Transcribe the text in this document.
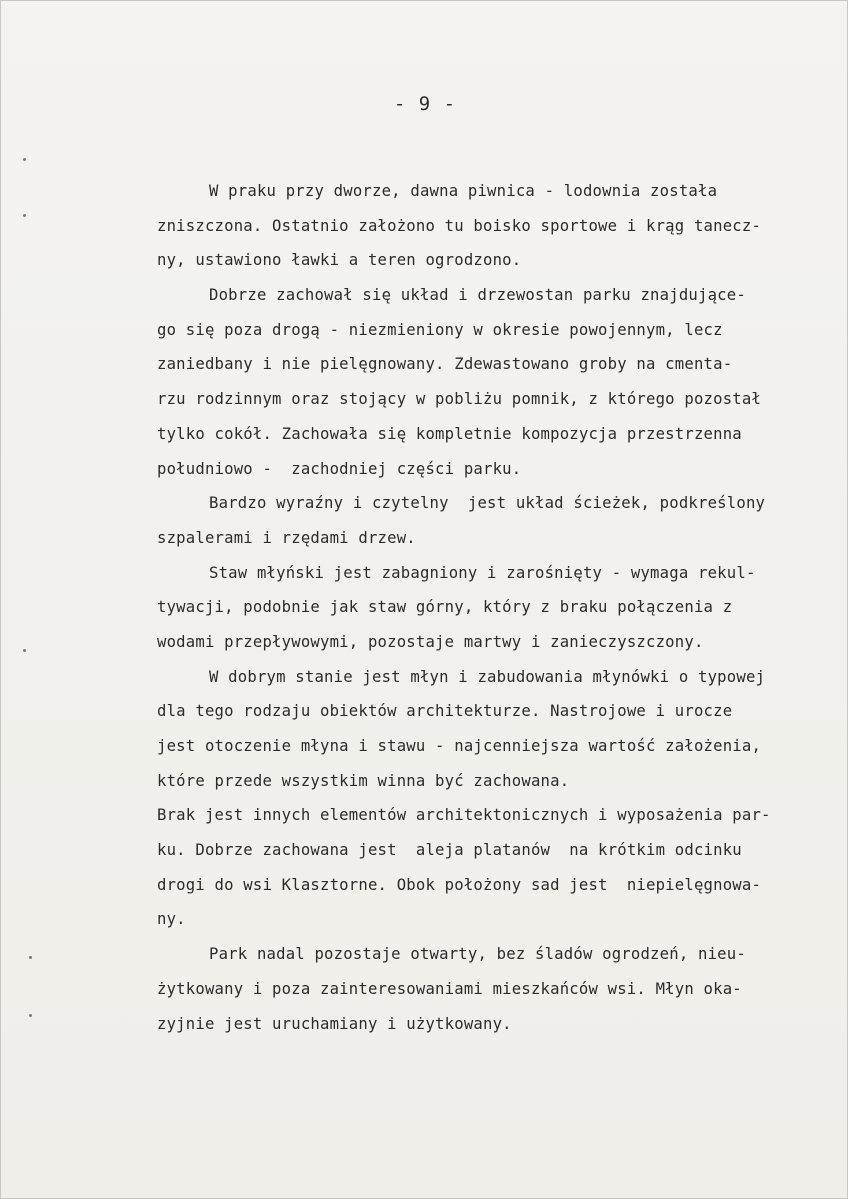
- 9 -
W praku przy dworze, dawna piwnica - lodownia została
zniszczona. Ostatnio założono tu boisko sportowe i krąg tanecz-
ny, ustawiono ławki a teren ogrodzono.
Dobrze zachował się układ i drzewostan parku znajdujące-
go się poza drogą - niezmieniony w okresie powojennym, lecz
zaniedbany i nie pielęgnowany. Zdewastowano groby na cmenta-
rzu rodzinnym oraz stojący w pobliżu pomnik, z którego pozostał
tylko cokół. Zachowała się kompletnie kompozycja przestrzenna
południowo -  zachodniej części parku.
Bardzo wyraźny i czytelny  jest układ ścieżek, podkreślony
szpalerami i rzędami drzew.
Staw młyński jest zabagniony i zarośnięty - wymaga rekul-
tywacji, podobnie jak staw górny, który z braku połączenia z
wodami przepływowymi, pozostaje martwy i zanieczyszczony.
W dobrym stanie jest młyn i zabudowania młynówki o typowej
dla tego rodzaju obiektów architekturze. Nastrojowe i urocze
jest otoczenie młyna i stawu - najcenniejsza wartość założenia,
które przede wszystkim winna być zachowana.
Brak jest innych elementów architektonicznych i wyposażenia par-
ku. Dobrze zachowana jest  aleja platanów  na krótkim odcinku
drogi do wsi Klasztorne. Obok położony sad jest  niepielęgnowa-
ny.
Park nadal pozostaje otwarty, bez śladów ogrodzeń, nieu-
żytkowany i poza zainteresowaniami mieszkańców wsi. Młyn oka-
zyjnie jest uruchamiany i użytkowany.
